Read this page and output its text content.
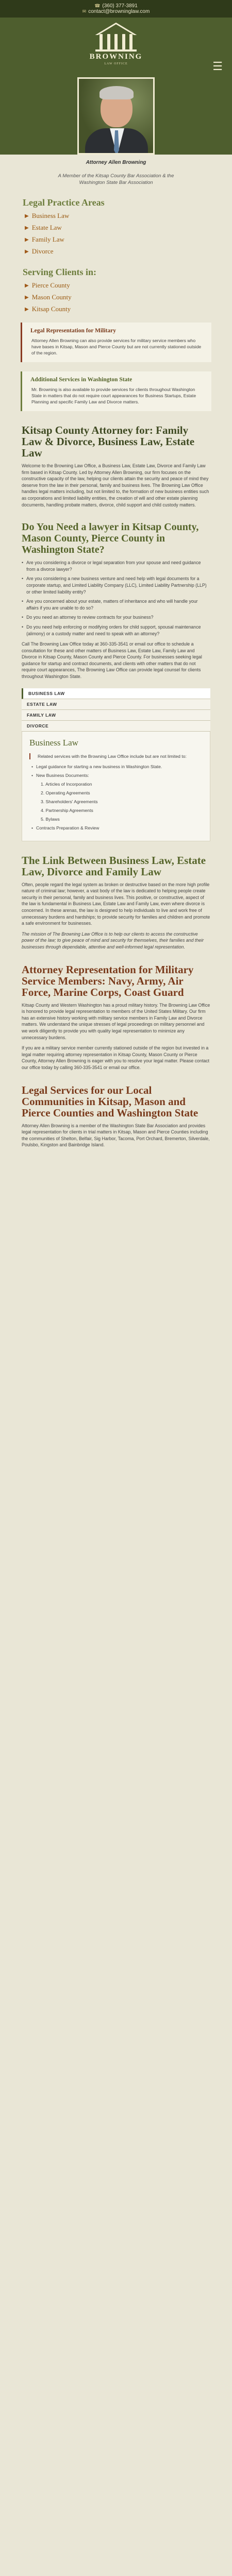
☎ (360) 377-3891
✉ contact@browninglaw.com
BROWNING
LAW OFFICE	☰
Attorney Allen Browning

A Member of the Kitsap County Bar Association & the Washington State Bar Association

Legal Practice Areas
▶ Business Law
▶ Estate Law
▶ Family Law
▶ Divorce
Serving Clients in:
▶ Pierce County
▶ Mason County
▶ Kitsap County
Legal Representation for Military

Attorney Allen Browning can also provide services for military service members who have bases in Kitsap, Mason and Pierce County but are not currently stationed outside of the region.

Additional Services in Washington State

Mr. Browning is also available to provide services for clients throughout Washington State in matters that do not require court appearances for Business Startups, Estate Planning and specific Family Law and Divorce matters.

Kitsap County Attorney for: Family Law & Divorce, Business Law, Estate Law

Welcome to the Browning Law Office, a Business Law, Estate Law, Divorce and Family Law firm based in Kitsap County. Led by Attorney Allen Browning, our firm focuses on the constructive capacity of the law, helping our clients attain the security and peace of mind they deserve from the law in their personal, family and business lives. The Browning Law Office handles legal matters including, but not limited to, the formation of new business entities such as corporations and limited liability entities, the creation of will and other estate planning documents, handling probate matters, divorce, child support and child custody matters.

Do You Need a lawyer in Kitsap County, Mason County, Pierce County in Washington State?
• Are you considering a divorce or legal separation from your spouse and need guidance from a divorce lawyer?
• Are you considering a new business venture and need help with legal documents for a corporate startup, and Limited Liability Company (LLC), Limited Liability Partnership (LLP) or other limited liability entity?
• Are you concerned about your estate, matters of inheritance and who will handle your affairs if you are unable to do so?
• Do you need an attorney to review contracts for your business?
• Do you need help enforcing or modifying orders for child support, spousal maintenance (alimony) or a custody matter and need to speak with an attorney?

Call The Browning Law Office today at 360-335-3541 or email our office to schedule a consultation for these and other matters of Business Law, Estate Law, Family Law and Divorce in Kitsap County, Mason County and Pierce County. For businesses seeking legal guidance for startup and contract documents, and clients with other matters that do not require court appearances, The Browning Law Office can provide legal counsel for clients throughout Washington State.

BUSINESS LAW
ESTATE LAW
FAMILY LAW
DIVORCE
Business Law

Related services with the Browning Law Office include but are not limited to:

• Legal guidance for starting a new business in Washington State.
• New Business Documents:
1. Articles of Incorporation
2. Operating Agreements
3. Shareholders' Agreements
4. Partnership Agreements
5. Bylaws
• Contracts Preparation & Review
The Link Between Business Law, Estate Law, Divorce and Family Law

Often, people regard the legal system as broken or destructive based on the more high profile nature of criminal law; however, a vast body of the law is dedicated to helping people create security in their personal, family and business lives. This positive, or constructive, aspect of the law is fundamental in Business Law, Estate Law and Family Law, even where divorce is concerned. In these arenas, the law is designed to help individuals to live and work free of unnecessary burdens and hardships; to provide security for families and children and promote a safe environment for businesses.

The mission of The Browning Law Office is to help our clients to access the constructive power of the law; to give peace of mind and security for themselves, their families and their businesses through dependable, attentive and well-informed legal representation.

Attorney Representation for Military Service Members: Navy, Army, Air Force, Marine Corps, Coast Guard

Kitsap County and Western Washington has a proud military history. The Browning Law Office is honored to provide legal representation to members of the United States Military. Our firm has an extensive history working with military service members in Family Law and Divorce matters. We understand the unique stresses of legal proceedings on military personnel and we work diligently to provide you with quality legal representation to minimize any unnecessary burdens.

If you are a military service member currently stationed outside of the region but invested in a legal matter requiring attorney representation in Kitsap County, Mason County or Pierce County, Attorney Allen Browning is eager with you to resolve your legal matter. Please contact our office today by calling 360-335-3541 or email our office.

Legal Services for our Local Communities in Kitsap, Mason and Pierce Counties and Washington State

Attorney Allen Browning is a member of the Washington State Bar Association and provides legal representation for clients in trial matters in Kitsap, Mason and Pierce Counties including the communities of Shelton, Belfair, Sig Harbor, Tacoma, Port Orchard, Bremerton, Silverdale, Poulsbo, Kingston and Bainbridge Island.
